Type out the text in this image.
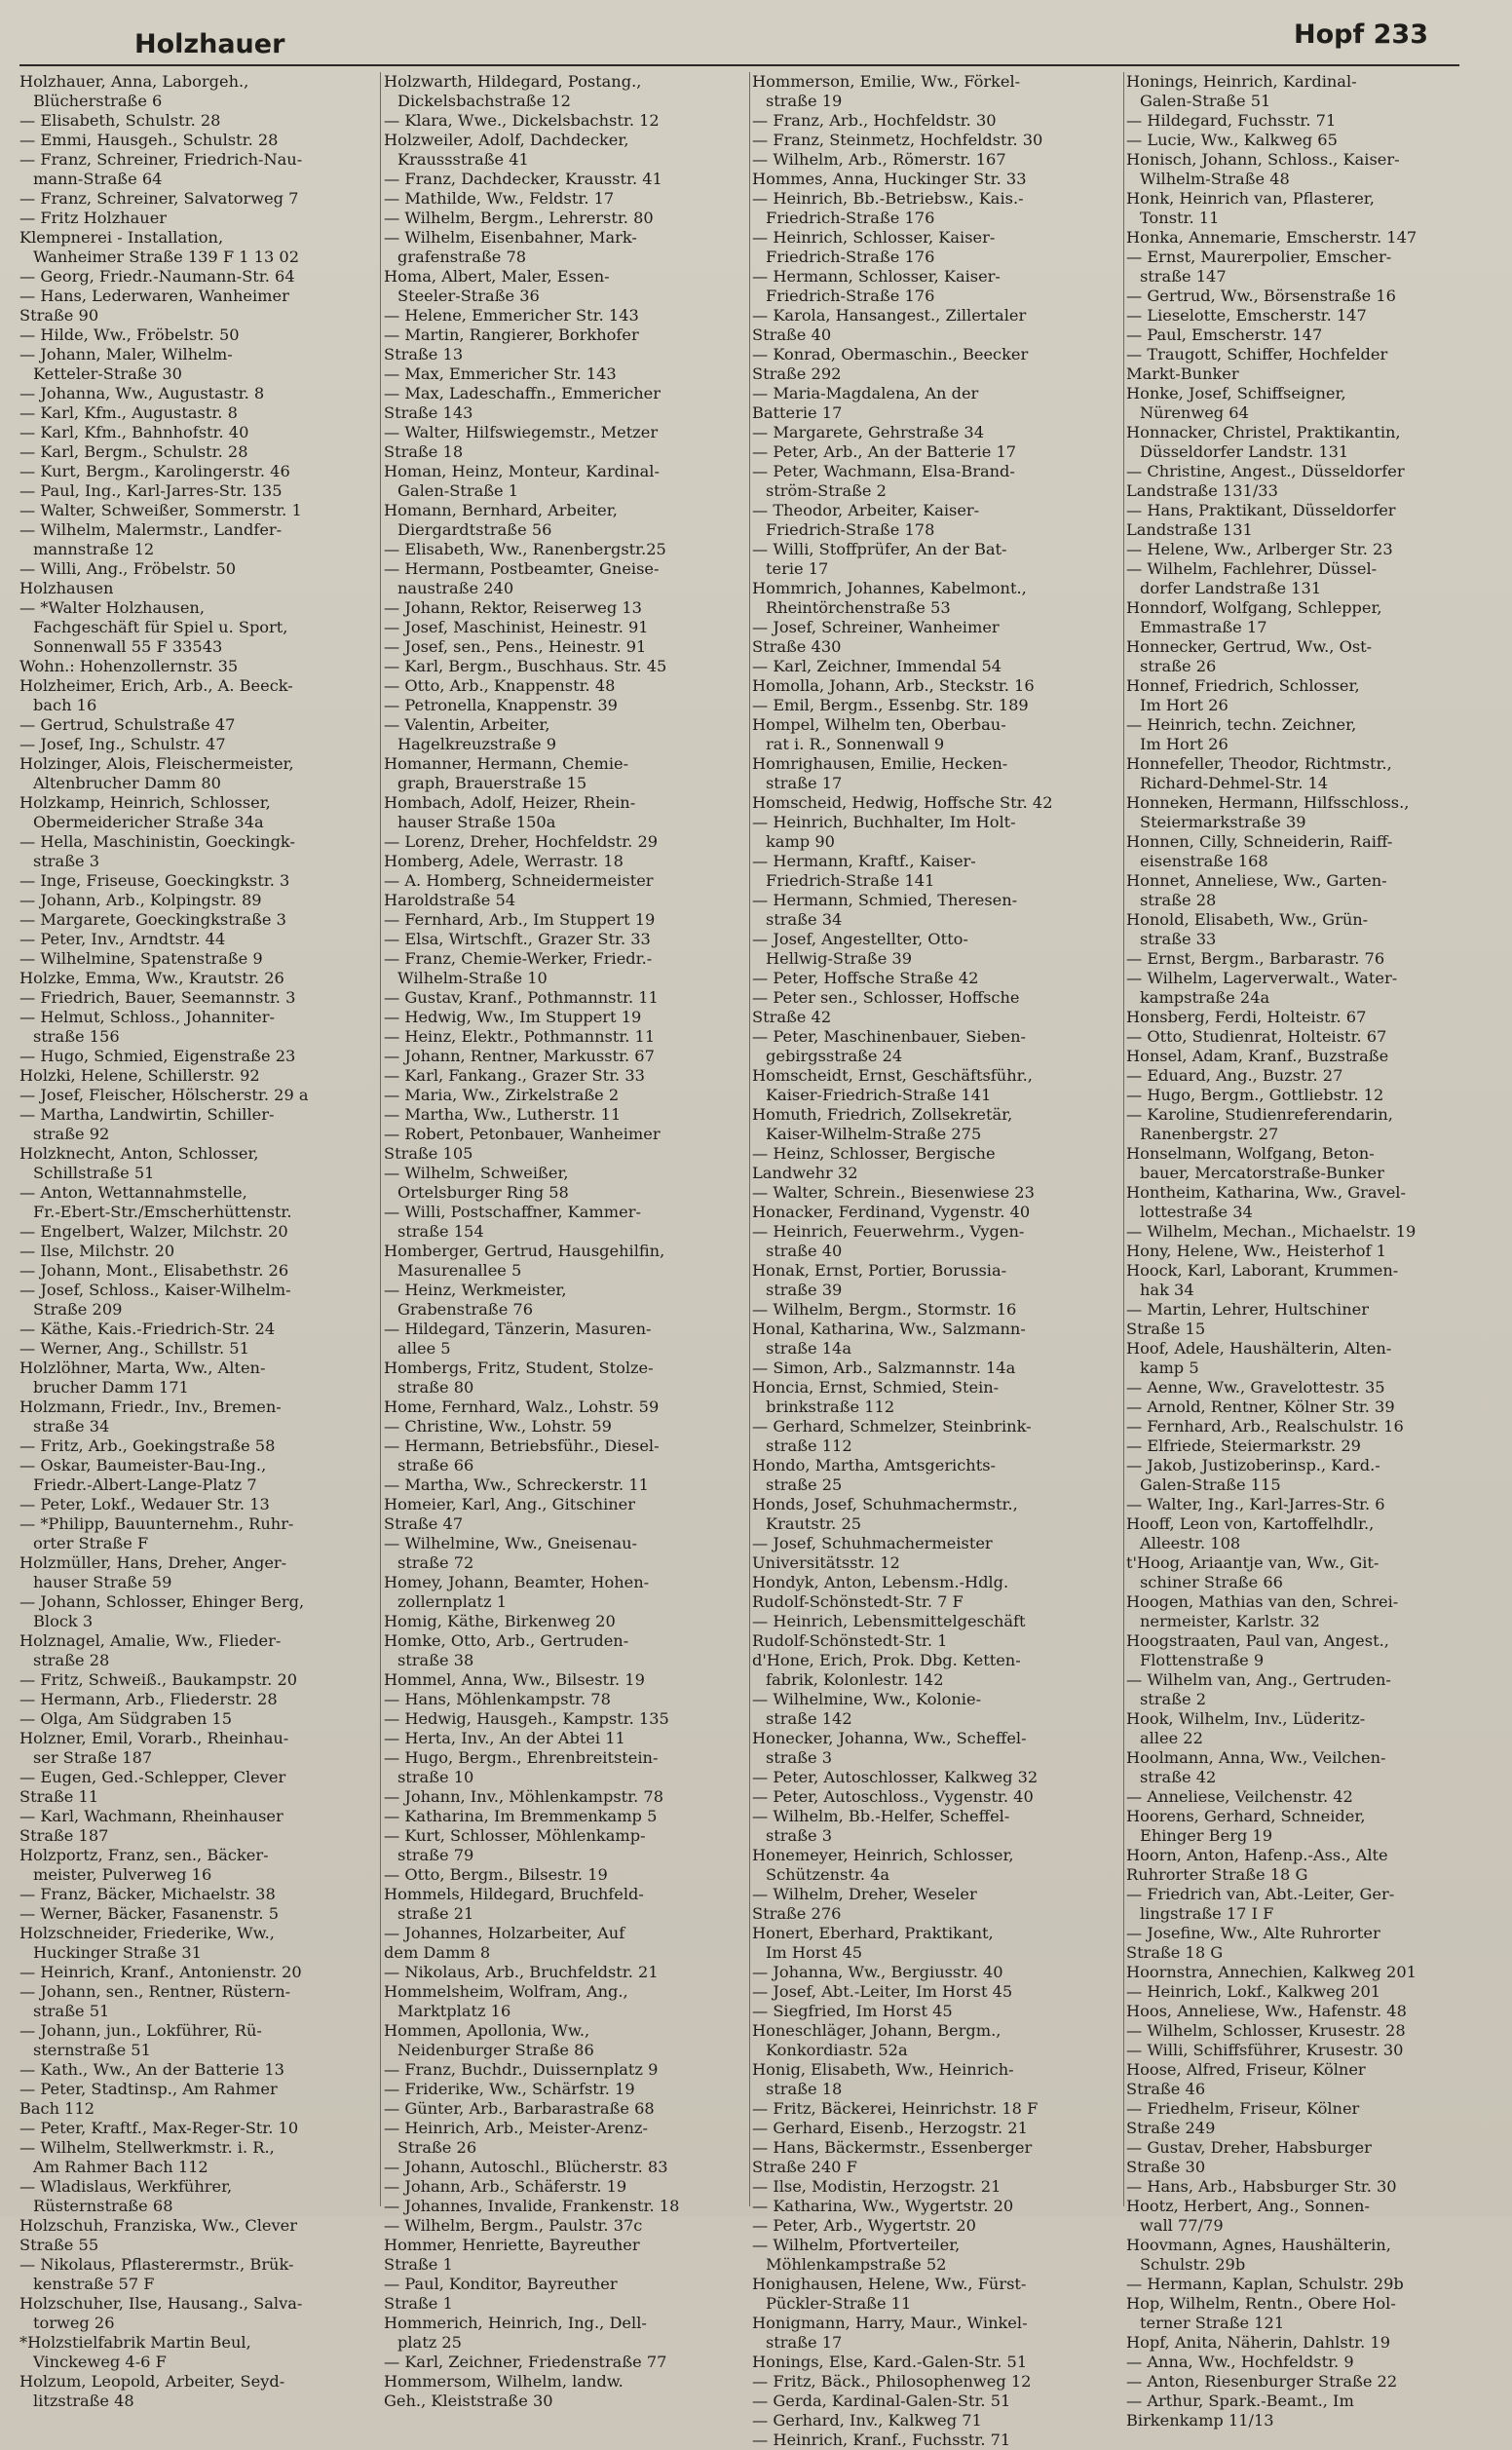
Holzhauer	Hopf 233
Holzhauer, Anna, Laborgeh.,
Blücherstraße 6
— Elisabeth, Schulstr. 28
— Emmi, Hausgeh., Schulstr. 28
— Franz, Schreiner, Friedrich-Nau-
mann-Straße 64
— Franz, Schreiner, Salvatorweg 7
— Fritz Holzhauer
Klempnerei - Installation,
Wanheimer Straße 139 F 1 13 02
— Georg, Friedr.-Naumann-Str. 64
— Hans, Lederwaren, Wanheimer
Straße 90
— Hilde, Ww., Fröbelstr. 50
— Johann, Maler, Wilhelm-
Ketteler-Straße 30
— Johanna, Ww., Augustastr. 8
— Karl, Kfm., Augustastr. 8
— Karl, Kfm., Bahnhofstr. 40
— Karl, Bergm., Schulstr. 28
— Kurt, Bergm., Karolingerstr. 46
— Paul, Ing., Karl-Jarres-Str. 135
— Walter, Schweißer, Sommerstr. 1
— Wilhelm, Malermstr., Landfer-
mannstraße 12
— Willi, Ang., Fröbelstr. 50
Holzhausen
— *Walter Holzhausen,
Fachgeschäft für Spiel u. Sport,
Sonnenwall 55 F 33543
Wohn.: Hohenzollernstr. 35
Holzheimer, Erich, Arb., A. Beeck-
bach 16
— Gertrud, Schulstraße 47
— Josef, Ing., Schulstr. 47
Holzinger, Alois, Fleischermeister,
Altenbrucher Damm 80
Holzkamp, Heinrich, Schlosser,
Obermeidericher Straße 34a
— Hella, Maschinistin, Goeckingk-
straße 3
— Inge, Friseuse, Goeckingkstr. 3
— Johann, Arb., Kolpingstr. 89
— Margarete, Goeckingkstraße 3
— Peter, Inv., Arndtstr. 44
— Wilhelmine, Spatenstraße 9
Holzke, Emma, Ww., Krautstr. 26
— Friedrich, Bauer, Seemannstr. 3
— Helmut, Schloss., Johanniter-
straße 156
— Hugo, Schmied, Eigenstraße 23
Holzki, Helene, Schillerstr. 92
— Josef, Fleischer, Hölscherstr. 29 a
— Martha, Landwirtin, Schiller-
straße 92
Holzknecht, Anton, Schlosser,
Schillstraße 51
— Anton, Wettannahmstelle,
Fr.-Ebert-Str./Emscherhüttenstr.
— Engelbert, Walzer, Milchstr. 20
— Ilse, Milchstr. 20
— Johann, Mont., Elisabethstr. 26
— Josef, Schloss., Kaiser-Wilhelm-
Straße 209
— Käthe, Kais.-Friedrich-Str. 24
— Werner, Ang., Schillstr. 51
Holzlöhner, Marta, Ww., Alten-
brucher Damm 171
Holzmann, Friedr., Inv., Bremen-
straße 34
— Fritz, Arb., Goekingstraße 58
— Oskar, Baumeister-Bau-Ing.,
Friedr.-Albert-Lange-Platz 7
— Peter, Lokf., Wedauer Str. 13
— *Philipp, Bauunternehm., Ruhr-
orter Straße F
Holzmüller, Hans, Dreher, Anger-
hauser Straße 59
— Johann, Schlosser, Ehinger Berg,
Block 3
Holznagel, Amalie, Ww., Flieder-
straße 28
— Fritz, Schweiß., Baukampstr. 20
— Hermann, Arb., Fliederstr. 28
— Olga, Am Südgraben 15
Holzner, Emil, Vorarb., Rheinhau-
ser Straße 187
— Eugen, Ged.-Schlepper, Clever
Straße 11
— Karl, Wachmann, Rheinhauser
Straße 187
Holzportz, Franz, sen., Bäcker-
meister, Pulverweg 16
— Franz, Bäcker, Michaelstr. 38
— Werner, Bäcker, Fasanenstr. 5
Holzschneider, Friederike, Ww.,
Huckinger Straße 31
— Heinrich, Kranf., Antonienstr. 20
— Johann, sen., Rentner, Rüstern-
straße 51
— Johann, jun., Lokführer, Rü-
sternstraße 51
— Kath., Ww., An der Batterie 13
— Peter, Stadtinsp., Am Rahmer
Bach 112
— Peter, Kraftf., Max-Reger-Str. 10
— Wilhelm, Stellwerkmstr. i. R.,
Am Rahmer Bach 112
— Wladislaus, Werkführer,
Rüsternstraße 68
Holzschuh, Franziska, Ww., Clever
Straße 55
— Nikolaus, Pflasterermstr., Brük-
kenstraße 57 F
Holzschuher, Ilse, Hausang., Salva-
torweg 26
*Holzstielfabrik Martin Beul,
Vinckeweg 4-6 F
Holzum, Leopold, Arbeiter, Seyd-
litzstraße 48
Holzwarth, Hildegard, Postang.,
Dickelsbachstraße 12
— Klara, Wwe., Dickelsbachstr. 12
Holzweiler, Adolf, Dachdecker,
Kraussstraße 41
— Franz, Dachdecker, Krausstr. 41
— Mathilde, Ww., Feldstr. 17
— Wilhelm, Bergm., Lehrerstr. 80
— Wilhelm, Eisenbahner, Mark-
grafenstraße 78
Homa, Albert, Maler, Essen-
Steeler-Straße 36
— Helene, Emmericher Str. 143
— Martin, Rangierer, Borkhofer
Straße 13
— Max, Emmericher Str. 143
— Max, Ladeschaffn., Emmericher
Straße 143
— Walter, Hilfswiegemstr., Metzer
Straße 18
Homan, Heinz, Monteur, Kardinal-
Galen-Straße 1
Homann, Bernhard, Arbeiter,
Diergardtstraße 56
— Elisabeth, Ww., Ranenbergstr.25
— Hermann, Postbeamter, Gneise-
naustraße 240
— Johann, Rektor, Reiserweg 13
— Josef, Maschinist, Heinestr. 91
— Josef, sen., Pens., Heinestr. 91
— Karl, Bergm., Buschhaus. Str. 45
— Otto, Arb., Knappenstr. 48
— Petronella, Knappenstr. 39
— Valentin, Arbeiter,
Hagelkreuzstraße 9
Homanner, Hermann, Chemie-
graph, Brauerstraße 15
Hombach, Adolf, Heizer, Rhein-
hauser Straße 150a
— Lorenz, Dreher, Hochfeldstr. 29
Homberg, Adele, Werrastr. 18
— A. Homberg, Schneidermeister
Haroldstraße 54
— Fernhard, Arb., Im Stuppert 19
— Elsa, Wirtschft., Grazer Str. 33
— Franz, Chemie-Werker, Friedr.-
Wilhelm-Straße 10
— Gustav, Kranf., Pothmannstr. 11
— Hedwig, Ww., Im Stuppert 19
— Heinz, Elektr., Pothmannstr. 11
— Johann, Rentner, Markusstr. 67
— Karl, Fankang., Grazer Str. 33
— Maria, Ww., Zirkelstraße 2
— Martha, Ww., Lutherstr. 11
— Robert, Petonbauer, Wanheimer
Straße 105
— Wilhelm, Schweißer,
Ortelsburger Ring 58
— Willi, Postschaffner, Kammer-
straße 154
Homberger, Gertrud, Hausgehilfin,
Masurenallee 5
— Heinz, Werkmeister,
Grabenstraße 76
— Hildegard, Tänzerin, Masuren-
allee 5
Hombergs, Fritz, Student, Stolze-
straße 80
Home, Fernhard, Walz., Lohstr. 59
— Christine, Ww., Lohstr. 59
— Hermann, Betriebsführ., Diesel-
straße 66
— Martha, Ww., Schreckerstr. 11
Homeier, Karl, Ang., Gitschiner
Straße 47
— Wilhelmine, Ww., Gneisenau-
straße 72
Homey, Johann, Beamter, Hohen-
zollernplatz 1
Homig, Käthe, Birkenweg 20
Homke, Otto, Arb., Gertruden-
straße 38
Hommel, Anna, Ww., Bilsestr. 19
— Hans, Möhlenkampstr. 78
— Hedwig, Hausgeh., Kampstr. 135
— Herta, Inv., An der Abtei 11
— Hugo, Bergm., Ehrenbreitstein-
straße 10
— Johann, Inv., Möhlenkampstr. 78
— Katharina, Im Bremmenkamp 5
— Kurt, Schlosser, Möhlenkamp-
straße 79
— Otto, Bergm., Bilsestr. 19
Hommels, Hildegard, Bruchfeld-
straße 21
— Johannes, Holzarbeiter, Auf
dem Damm 8
— Nikolaus, Arb., Bruchfeldstr. 21
Hommelsheim, Wolfram, Ang.,
Marktplatz 16
Hommen, Apollonia, Ww.,
Neidenburger Straße 86
— Franz, Buchdr., Duissernplatz 9
— Friderike, Ww., Schärfstr. 19
— Günter, Arb., Barbarastraße 68
— Heinrich, Arb., Meister-Arenz-
Straße 26
— Johann, Autoschl., Blücherstr. 83
— Johann, Arb., Schäferstr. 19
— Johannes, Invalide, Frankenstr. 18
— Wilhelm, Bergm., Paulstr. 37c
Hommer, Henriette, Bayreuther
Straße 1
— Paul, Konditor, Bayreuther
Straße 1
Hommerich, Heinrich, Ing., Dell-
platz 25
— Karl, Zeichner, Friedenstraße 77
Hommersom, Wilhelm, landw.
Geh., Kleiststraße 30
Hommerson, Emilie, Ww., Förkel-
straße 19
— Franz, Arb., Hochfeldstr. 30
— Franz, Steinmetz, Hochfeldstr. 30
— Wilhelm, Arb., Römerstr. 167
Hommes, Anna, Huckinger Str. 33
— Heinrich, Bb.-Betriebsw., Kais.-
Friedrich-Straße 176
— Heinrich, Schlosser, Kaiser-
Friedrich-Straße 176
— Hermann, Schlosser, Kaiser-
Friedrich-Straße 176
— Karola, Hansangest., Zillertaler
Straße 40
— Konrad, Obermaschin., Beecker
Straße 292
— Maria-Magdalena, An der
Batterie 17
— Margarete, Gehrstraße 34
— Peter, Arb., An der Batterie 17
— Peter, Wachmann, Elsa-Brand-
ström-Straße 2
— Theodor, Arbeiter, Kaiser-
Friedrich-Straße 178
— Willi, Stoffprüfer, An der Bat-
terie 17
Hommrich, Johannes, Kabelmont.,
Rheintörchenstraße 53
— Josef, Schreiner, Wanheimer
Straße 430
— Karl, Zeichner, Immendal 54
Homolla, Johann, Arb., Steckstr. 16
— Emil, Bergm., Essenbg. Str. 189
Hompel, Wilhelm ten, Oberbau-
rat i. R., Sonnenwall 9
Homrighausen, Emilie, Hecken-
straße 17
Homscheid, Hedwig, Hoffsche Str. 42
— Heinrich, Buchhalter, Im Holt-
kamp 90
— Hermann, Kraftf., Kaiser-
Friedrich-Straße 141
— Hermann, Schmied, Theresen-
straße 34
— Josef, Angestellter, Otto-
Hellwig-Straße 39
— Peter, Hoffsche Straße 42
— Peter sen., Schlosser, Hoffsche
Straße 42
— Peter, Maschinenbauer, Sieben-
gebirgsstraße 24
Homscheidt, Ernst, Geschäftsführ.,
Kaiser-Friedrich-Straße 141
Homuth, Friedrich, Zollsekretär,
Kaiser-Wilhelm-Straße 275
— Heinz, Schlosser, Bergische
Landwehr 32
— Walter, Schrein., Biesenwiese 23
Honacker, Ferdinand, Vygenstr. 40
— Heinrich, Feuerwehrm., Vygen-
straße 40
Honak, Ernst, Portier, Borussia-
straße 39
— Wilhelm, Bergm., Stormstr. 16
Honal, Katharina, Ww., Salzmann-
straße 14a
— Simon, Arb., Salzmannstr. 14a
Honcia, Ernst, Schmied, Stein-
brinkstraße 112
— Gerhard, Schmelzer, Steinbrink-
straße 112
Hondo, Martha, Amtsgerichts-
straße 25
Honds, Josef, Schuhmachermstr.,
Krautstr. 25
— Josef, Schuhmachermeister
Universitätsstr. 12
Hondyk, Anton, Lebensm.-Hdlg.
Rudolf-Schönstedt-Str. 7 F
— Heinrich, Lebensmittelgeschäft
Rudolf-Schönstedt-Str. 1
d'Hone, Erich, Prok. Dbg. Ketten-
fabrik, Kolonlestr. 142
— Wilhelmine, Ww., Kolonie-
straße 142
Honecker, Johanna, Ww., Scheffel-
straße 3
— Peter, Autoschlosser, Kalkweg 32
— Peter, Autoschloss., Vygenstr. 40
— Wilhelm, Bb.-Helfer, Scheffel-
straße 3
Honemeyer, Heinrich, Schlosser,
Schützenstr. 4a
— Wilhelm, Dreher, Weseler
Straße 276
Honert, Eberhard, Praktikant,
Im Horst 45
— Johanna, Ww., Bergiusstr. 40
— Josef, Abt.-Leiter, Im Horst 45
— Siegfried, Im Horst 45
Honeschläger, Johann, Bergm.,
Konkordiastr. 52a
Honig, Elisabeth, Ww., Heinrich-
straße 18
— Fritz, Bäckerei, Heinrichstr. 18 F
— Gerhard, Eisenb., Herzogstr. 21
— Hans, Bäckermstr., Essenberger
Straße 240 F
— Ilse, Modistin, Herzogstr. 21
— Katharina, Ww., Wygertstr. 20
— Peter, Arb., Wygertstr. 20
— Wilhelm, Pfortverteiler,
Möhlenkampstraße 52
Honighausen, Helene, Ww., Fürst-
Pückler-Straße 11
Honigmann, Harry, Maur., Winkel-
straße 17
Honings, Else, Kard.-Galen-Str. 51
— Fritz, Bäck., Philosophenweg 12
— Gerda, Kardinal-Galen-Str. 51
— Gerhard, Inv., Kalkweg 71
— Heinrich, Kranf., Fuchsstr. 71
Honings, Heinrich, Kardinal-
Galen-Straße 51
— Hildegard, Fuchsstr. 71
— Lucie, Ww., Kalkweg 65
Honisch, Johann, Schloss., Kaiser-
Wilhelm-Straße 48
Honk, Heinrich van, Pflasterer,
Tonstr. 11
Honka, Annemarie, Emscherstr. 147
— Ernst, Maurerpolier, Emscher-
straße 147
— Gertrud, Ww., Börsenstraße 16
— Lieselotte, Emscherstr. 147
— Paul, Emscherstr. 147
— Traugott, Schiffer, Hochfelder
Markt-Bunker
Honke, Josef, Schiffseigner,
Nürenweg 64
Honnacker, Christel, Praktikantin,
Düsseldorfer Landstr. 131
— Christine, Angest., Düsseldorfer
Landstraße 131/33
— Hans, Praktikant, Düsseldorfer
Landstraße 131
— Helene, Ww., Arlberger Str. 23
— Wilhelm, Fachlehrer, Düssel-
dorfer Landstraße 131
Honndorf, Wolfgang, Schlepper,
Emmastraße 17
Honnecker, Gertrud, Ww., Ost-
straße 26
Honnef, Friedrich, Schlosser,
Im Hort 26
— Heinrich, techn. Zeichner,
Im Hort 26
Honnefeller, Theodor, Richtmstr.,
Richard-Dehmel-Str. 14
Honneken, Hermann, Hilfsschloss.,
Steiermarkstraße 39
Honnen, Cilly, Schneiderin, Raiff-
eisenstraße 168
Honnet, Anneliese, Ww., Garten-
straße 28
Honold, Elisabeth, Ww., Grün-
straße 33
— Ernst, Bergm., Barbarastr. 76
— Wilhelm, Lagerverwalt., Water-
kampstraße 24a
Honsberg, Ferdi, Holteistr. 67
— Otto, Studienrat, Holteistr. 67
Honsel, Adam, Kranf., Buzstraße
— Eduard, Ang., Buzstr. 27
— Hugo, Bergm., Gottliebstr. 12
— Karoline, Studienreferendarin,
Ranenbergstr. 27
Honselmann, Wolfgang, Beton-
bauer, Mercatorstraße-Bunker
Hontheim, Katharina, Ww., Gravel-
lottestraße 34
— Wilhelm, Mechan., Michaelstr. 19
Hony, Helene, Ww., Heisterhof 1
Hoock, Karl, Laborant, Krummen-
hak 34
— Martin, Lehrer, Hultschiner
Straße 15
Hoof, Adele, Haushälterin, Alten-
kamp 5
— Aenne, Ww., Gravelottestr. 35
— Arnold, Rentner, Kölner Str. 39
— Fernhard, Arb., Realschulstr. 16
— Elfriede, Steiermarkstr. 29
— Jakob, Justizoberinsp., Kard.-
Galen-Straße 115
— Walter, Ing., Karl-Jarres-Str. 6
Hooff, Leon von, Kartoffelhdlr.,
Alleestr. 108
t'Hoog, Ariaantje van, Ww., Git-
schiner Straße 66
Hoogen, Mathias van den, Schrei-
nermeister, Karlstr. 32
Hoogstraaten, Paul van, Angest.,
Flottenstraße 9
— Wilhelm van, Ang., Gertruden-
straße 2
Hook, Wilhelm, Inv., Lüderitz-
allee 22
Hoolmann, Anna, Ww., Veilchen-
straße 42
— Anneliese, Veilchenstr. 42
Hoorens, Gerhard, Schneider,
Ehinger Berg 19
Hoorn, Anton, Hafenp.-Ass., Alte
Ruhrorter Straße 18 G
— Friedrich van, Abt.-Leiter, Ger-
lingstraße 17 I F
— Josefine, Ww., Alte Ruhrorter
Straße 18 G
Hoornstra, Annechien, Kalkweg 201
— Heinrich, Lokf., Kalkweg 201
Hoos, Anneliese, Ww., Hafenstr. 48
— Wilhelm, Schlosser, Krusestr. 28
— Willi, Schiffsführer, Krusestr. 30
Hoose, Alfred, Friseur, Kölner
Straße 46
— Friedhelm, Friseur, Kölner
Straße 249
— Gustav, Dreher, Habsburger
Straße 30
— Hans, Arb., Habsburger Str. 30
Hootz, Herbert, Ang., Sonnen-
wall 77/79
Hoovmann, Agnes, Haushälterin,
Schulstr. 29b
— Hermann, Kaplan, Schulstr. 29b
Hop, Wilhelm, Rentn., Obere Hol-
terner Straße 121
Hopf, Anita, Näherin, Dahlstr. 19
— Anna, Ww., Hochfeldstr. 9
— Anton, Riesenburger Straße 22
— Arthur, Spark.-Beamt., Im
Birkenkamp 11/13
